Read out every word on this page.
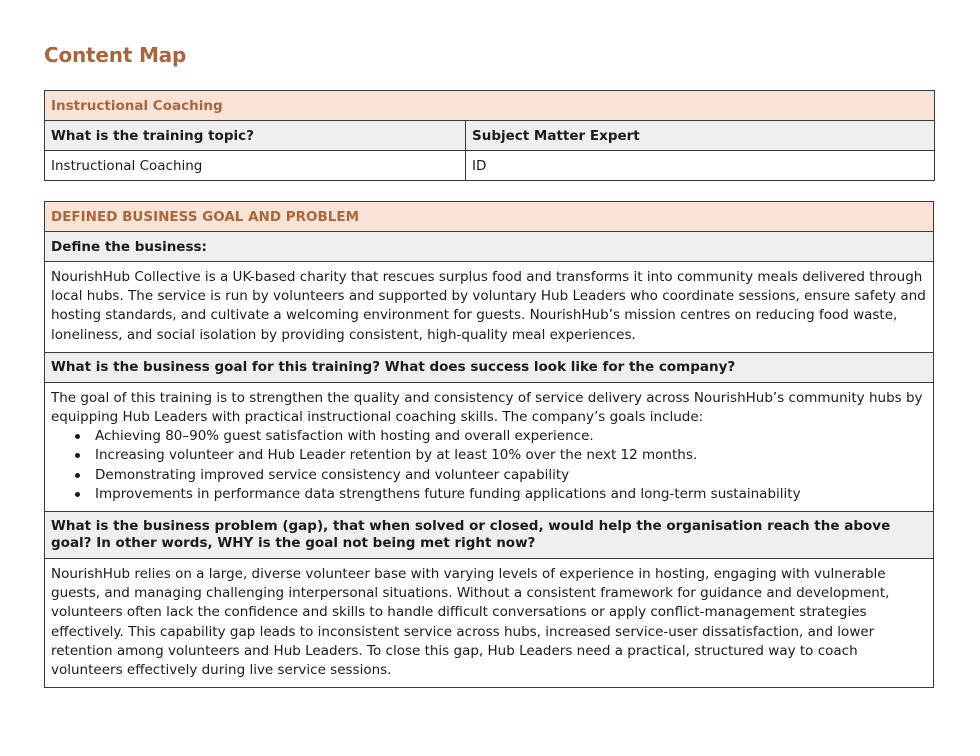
Content Map
Instructional Coaching	
What is the training topic?	Subject Matter Expert
Instructional Coaching	ID
DEFINED BUSINESS GOAL AND PROBLEM
Define the business:
NourishHub Collective is a UK-based charity that rescues surplus food and transforms it into community meals delivered through local hubs. The service is run by volunteers and supported by voluntary Hub Leaders who coordinate sessions, ensure safety and hosting standards, and cultivate a welcoming environment for guests. NourishHub’s mission centres on reducing food waste, loneliness, and social isolation by providing consistent, high-quality meal experiences.
What is the business goal for this training? What does success look like for the company?

The goal of this training is to strengthen the quality and consistency of service delivery across NourishHub’s community hubs by equipping Hub Leaders with practical instructional coaching skills. The company’s goals include:
Achieving 80–90% guest satisfaction with hosting and overall experience.
Increasing volunteer and Hub Leader retention by at least 10% over the next 12 months.
Demonstrating improved service consistency and volunteer capability
Improvements in performance data strengthens future funding applications and long-term sustainability

What is the business problem (gap), that when solved or closed, would help the organisation reach the above goal? In other words, WHY is the goal not being met right now?
NourishHub relies on a large, diverse volunteer base with varying levels of experience in hosting, engaging with vulnerable guests, and managing challenging interpersonal situations. Without a consistent framework for guidance and development, volunteers often lack the confidence and skills to handle difficult conversations or apply conflict-management strategies effectively. This capability gap leads to inconsistent service across hubs, increased service-user dissatisfaction, and lower retention among volunteers and Hub Leaders. To close this gap, Hub Leaders need a practical, structured way to coach volunteers effectively during live service sessions.
